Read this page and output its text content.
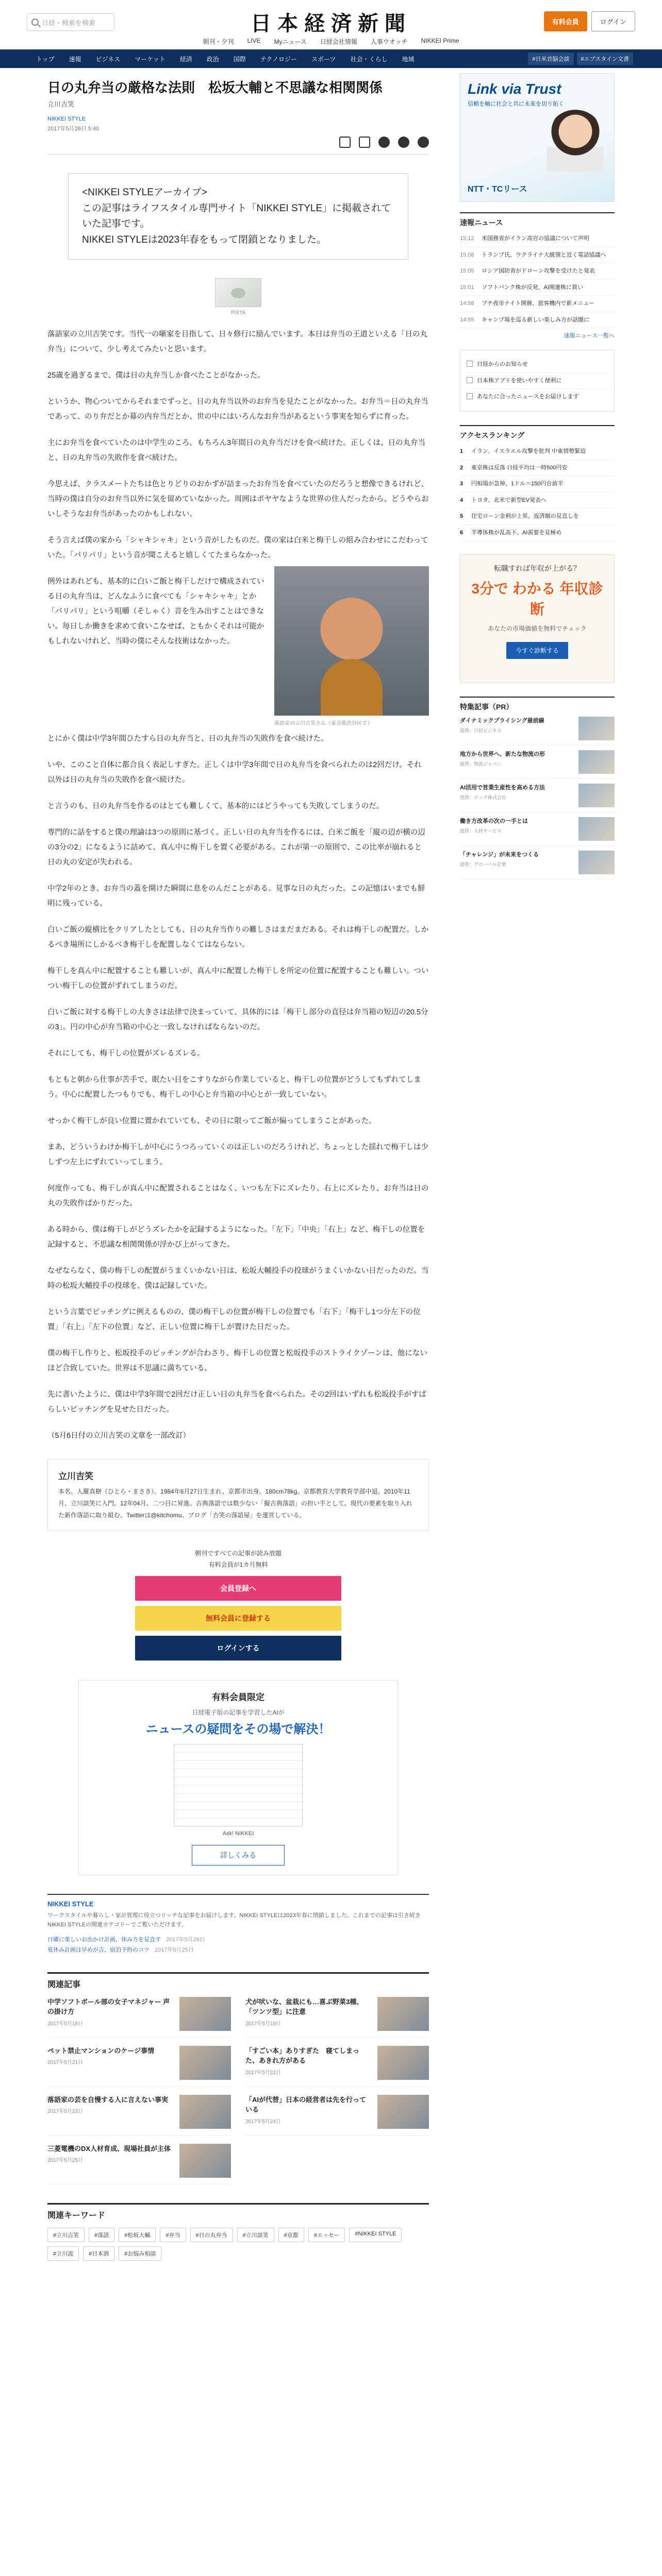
日経・検索を検索	日本経済新聞
朝刊・夕刊 LIVE Myニュース 日経会社情報 人事ウオッチ NIKKEI Prime
有料会員	ログイン
トップ	速報	ビジネス	マーケット	経済	政治	国際	テクノロジー	スポーツ	社会・くらし	地域	#日米首脳会談	#エプスタイン文書
日の丸弁当の厳格な法則　松坂大輔と不思議な相関関係
立川吉笑
NIKKEI STYLE
2017年5月26日 5:40
<NIKKEI STYLEアーカイブ>
この記事はライフスタイル専門サイト「NIKKEI STYLE」に掲載されていた記事です。
NIKKEI STYLEは2023年春をもって閉鎖となりました。
PIXTA

落語家の立川吉笑です。当代一の噺家を目指して、日々修行に励んでいます。本日は弁当の王道といえる「日の丸弁当」について、少し考えてみたいと思います。

25歳を過ぎるまで、僕は日の丸弁当しか食べたことがなかった。

というか、物心ついてからそれまでずっと、日の丸弁当以外のお弁当を見たことがなかった。お弁当＝日の丸弁当であって、のり弁だとか幕の内弁当だとか、世の中にはいろんなお弁当があるという事実を知らずに育った。

主にお弁当を食べていたのは中学生のころ。もちろん3年間日の丸弁当だけを食べ続けた。正しくは、日の丸弁当と、日の丸弁当の失敗作を食べ続けた。

今思えば、クラスメートたちは色とりどりのおかずが詰まったお弁当を食べていたのだろうと想像できるけれど、当時の僕は自分のお弁当以外に気を留めていなかった。周囲はポヤヤなような世界の住人だったから、どうやらおいしそうなお弁当があったのかもしれない。

そう言えば僕の家から「シャキシャキ」という音がしたものだ。僕の家は白米と梅干しの組み合わせにこだわっていた。「パリパリ」という音が聞こえると嬉しくてたまらなかった。

落語家の立川吉笑さん（東京都渋谷区で）

例外はあれども、基本的に白いご飯と梅干しだけで構成されている日の丸弁当は、どんなふうに食べても「シャキシャキ」とか「パリパリ」という咀嚼（そしゃく）音を生み出すことはできない。毎日しか働きを求めて食いこなせば、ともかくそれは可能かもしれないけれど、当時の僕にそんな技術はなかった。

とにかく僕は中学3年間ひたすら日の丸弁当と、日の丸弁当の失敗作を食べ続けた。

いや、このこと自体に都合良く表記しすぎた。正しくは中学3年間で日の丸弁当を食べられたのは2回だけ。それ以外は日の丸弁当の失敗作を食べ続けた。

と言うのも、日の丸弁当を作るのはとても難しくて、基本的にはどうやっても失敗してしまうのだ。

専門的に話をすると僕の理論は3つの原則に基づく。正しい日の丸弁当を作るには、白米ご飯を「縦の辺が横の辺の3分の2」になるように詰めて、真ん中に梅干しを置く必要がある。これが第一の原則で、この比率が崩れると日の丸の安定が失われる。

中学2年のとき、お弁当の蓋を開けた瞬間に息をのんだことがある。見事な日の丸だった。この記憶はいまでも鮮明に残っている。

白いご飯の縦横比をクリアしたとしても、日の丸弁当作りの難しさはまだまだある。それは梅干しの配置だ。しかるべき場所にしかるべき梅干しを配置しなくてはならない。

梅干しを真ん中に配置することも難しいが、真ん中に配置した梅干しを所定の位置に配置することも難しい。ついつい梅干しの位置がずれてしまうのだ。

白いご飯に対する梅干しの大きさは法律で決まっていて、具体的には「梅干し部分の直径は弁当箱の短辺の20.5分の3」。円の中心が弁当箱の中心と一致しなければならないのだ。

それにしても、梅干しの位置がズレるズレる。

もともと朝から仕事が苦手で、眠たい目をこすりながら作業していると、梅干しの位置がどうしてもずれてしまう。中心に配置したつもりでも、梅干しの中心と弁当箱の中心とが一致していない。

せっかく梅干しが良い位置に置かれていても、その日に限ってご飯が偏ってしまうことがあった。

まあ、どういうわけか梅干しが中心にうつろっていくのは正しいのだろうけれど、ちょっとした揺れで梅干しは少しずつ左上にずれていってしまう。

何度作っても、梅干しが真ん中に配置されることはなく、いつも左下にズレたり、右上にズレたり、お弁当は日の丸の失敗作ばかりだった。

ある時から、僕は梅干しがどうズレたかを記録するようになった。「左下」「中央」「右上」など、梅干しの位置を記録すると、不思議な相関関係が浮かび上がってきた。

なぜならなく、僕の梅干しの配置がうまくいかない日は、松坂大輔投手の投球がうまくいかない日だったのだ。当時の松坂大輔投手の投球を、僕は記録していた。

という言葉でピッチングに例えるものの、僕の梅干しの位置が梅干しの位置でも「右下」「梅干し1つ分左下の位置」「右上」「左下の位置」など、正しい位置に梅干しが置けた日だった。

僕の梅干し作りと、松坂投手のピッチングが合わさり、梅干しの位置と松坂投手のストライクゾーンは、他にないほど合致していた。世界は不思議に満ちている。

先に書いたように、僕は中学3年間で2回だけ正しい日の丸弁当を食べられた。その2回はいずれも松坂投手がすばらしいピッチングを見せた日だった。

（5月6日付の立川吉笑の文章を一部改訂）

立川吉笑
本名、人羅真樹（ひとら・まさき）。1984年6月27日生まれ、京都市出身。180cm78kg。京都教育大学教育学部中退。2010年11月、立川談笑に入門。12年04月、二つ目に昇進。古典落語では数少ない「擬古典落語」の担い手として、現代の要素を取り入れた新作落語に取り組む。Twitterは@kitchomu、ブログ「吉笑の落語屋」を運営している。
朝刊ですべての記事が読み放題
有料会員が1カ月無料
会員登録へ
無料会員に登録する
ログインする
有料会員限定
日経電子版の記事を学習したAIが
ニュースの疑問をその場で解決！
Ask! NIKKEI
詳しくみる
NIKKEI STYLE
ワークスタイルや暮らし・家計管理に役立つリッチな記事をお届けします。NIKKEI STYLEは2023年春に閉鎖しました。これまでの記事は引き続きNIKKEI STYLEの関連カテゴリーでご覧いただけます。
日曜に楽しいお出かけ計画、休み方を見直す 2017年5月26日
夏休み計画は早めが吉、宿泊予約のコツ 2017年5月25日
関連記事
中学ソフトボール部の女子マネジャー 声の掛け方
2017年5月18日
犬が吠いな、盆栽にも…喜ぶ野菜3種、「ツンツ型」に注意
2017年5月19日
ペット禁止マンションのケージ事情
2017年5月21日
「すごい本」ありすぎた　寝てしまった、あきれ方がある
2017年5月22日
落語家の芸を自慢する人に言えない事実
2017年5月23日
「AIが代替」日本の経営者は先を行っている
2017年5月24日
三菱電機のDX人材育成、現場社員が主体
2017年5月25日
関連キーワード
#立川吉笑	#落語	#松坂大輔	#弁当	#日の丸弁当	#立川談笑	#京都	#エッセー	#NIKKEI STYLE
#立川流	#日本酒	#お悩み相談
Link via Trust
信頼を軸に社会と共に未来を切り拓く
NTT・TCリース
速報ニュース
15:12	米国務省がイラン高官の協議について声明
15:08	トランプ氏、ウクライナ大統領と近く電話協議へ
15:05	ロシア国防省がドローン攻撃を受けたと発表
15:01	ソフトバンク株が反発、AI関連株に買い
14:58	プチ夜市ナイト開催、旅客機内で新メニュー
14:55	キャンプ場を巡る新しい楽しみ方が話題に
速報ニュース一覧へ
日経からのお知らせ
日本株アプリを使いやすく便利に
あなたに合ったニュースをお届けします
アクセスランキング
1	イラン、イスラエル攻撃を批判 中東情勢緊迫
2	東京株は反落 日経平均は一時500円安
3	円相場が急伸、1ドル＝150円台前半
4	トヨタ、北米で新型EV発表へ
5	住宅ローン金利が上昇、返済額の見直しを
6	半導体株が乱高下、AI需要を見極め
転職すれば年収が上がる？
3分で わかる 年収診断
あなたの市場価値を無料でチェック
今すぐ診断する
特集記事（PR）
ダイナミックプライシング最前線
提供：日経ビジネス
地方から世界へ、新たな物流の形
提供：物流ジャパン
AI活用で営業生産性を高める方法
提供：テック株式会社
働き方改革の次の一手とは
提供：人材サービス
「チャレンジ」が未来をつくる
提供：グローバル企業
